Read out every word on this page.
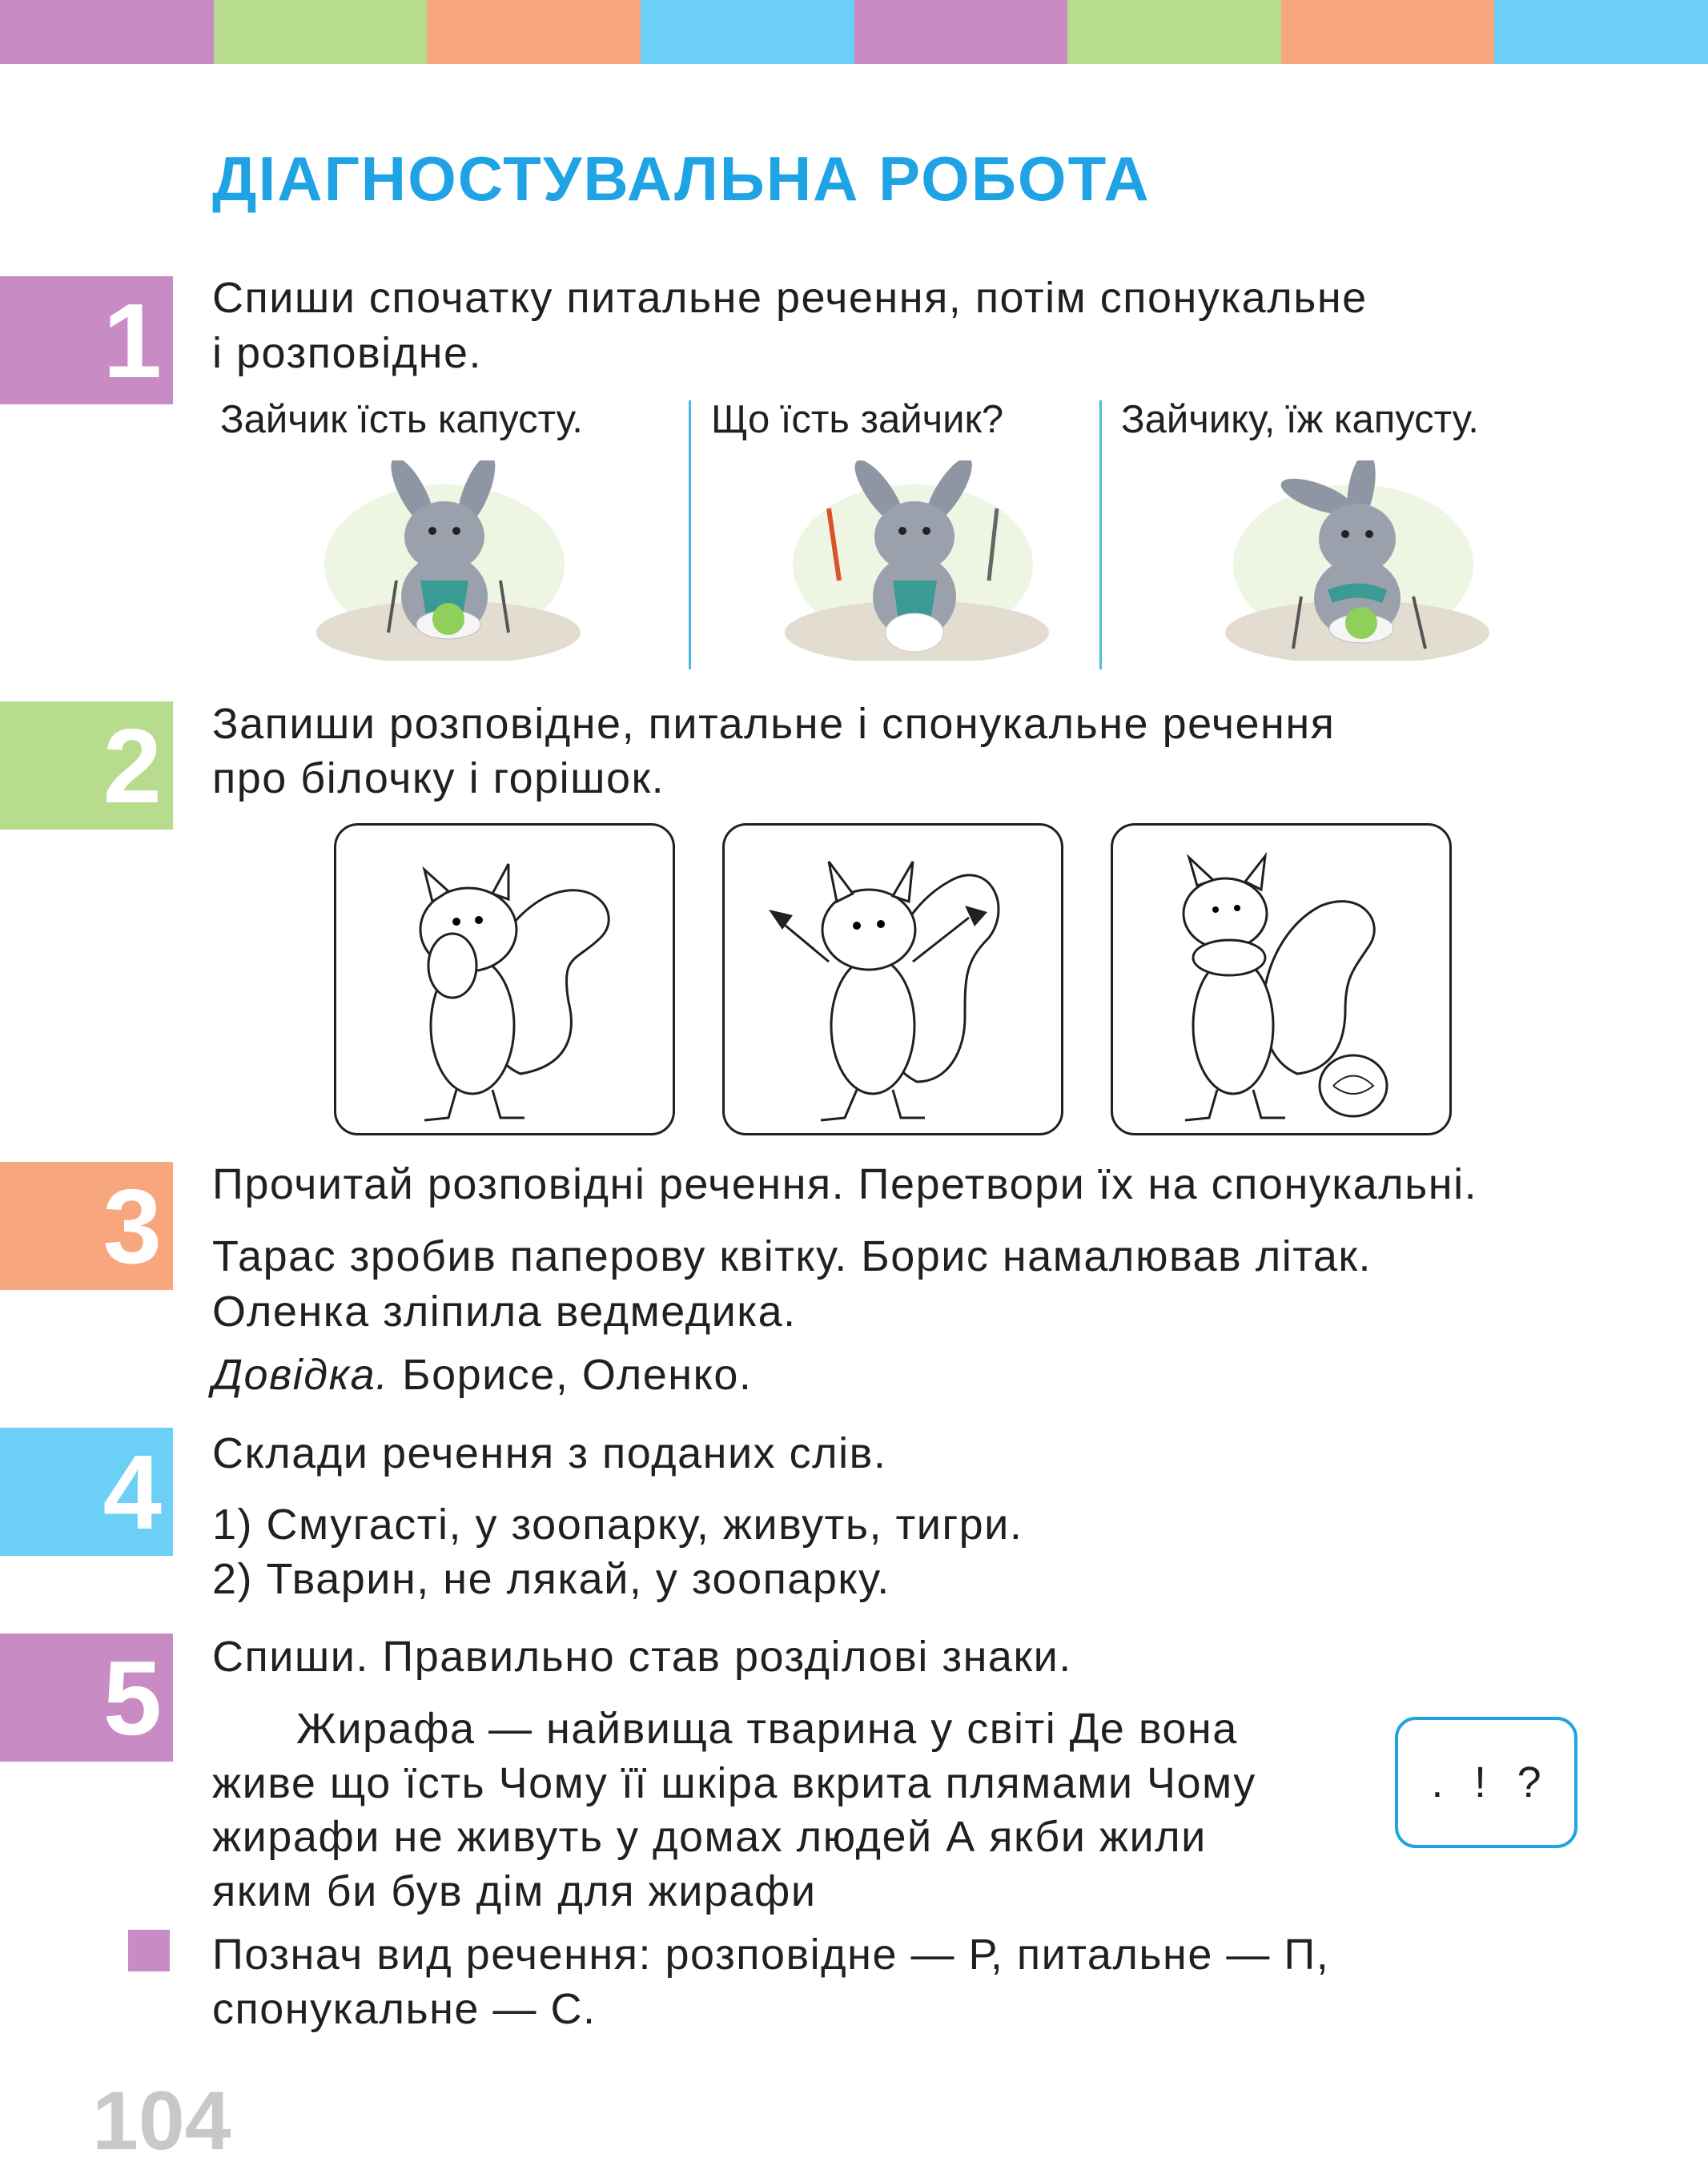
ДІАГНОСТУВАЛЬНА РОБОТА
1 Спиши спочатку питальне речення, потім спонукальне
і розповідне.
Зайчик їсть капусту.	Що їсть зайчик?	Зайчику, їж капусту.
2 Запиши розповідне, питальне і спонукальне речення
про білочку і горішок.
3 Прочитай розповідні речення. Перетвори їх на спонукальні.
Тарас зробив паперову квітку. Борис намалював літак.
Оленка зліпила ведмедика.
Довідка. Борисе, Оленко.
4 Склади речення з поданих слів.
1) Смугасті, у зоопарку, живуть, тигри.
2) Тварин, не лякай, у зоопарку.
5 Спиши. Правильно став розділові знаки.
Жирафа — найвища тварина у світі Де вона
живе що їсть Чому її шкіра вкрита плямами Чому
жирафи не живуть у домах людей А якби жили
яким би був дім для жирафи
. ! ?
Познач вид речення: розповідне — Р, питальне — П,
спонукальне — С.
104
